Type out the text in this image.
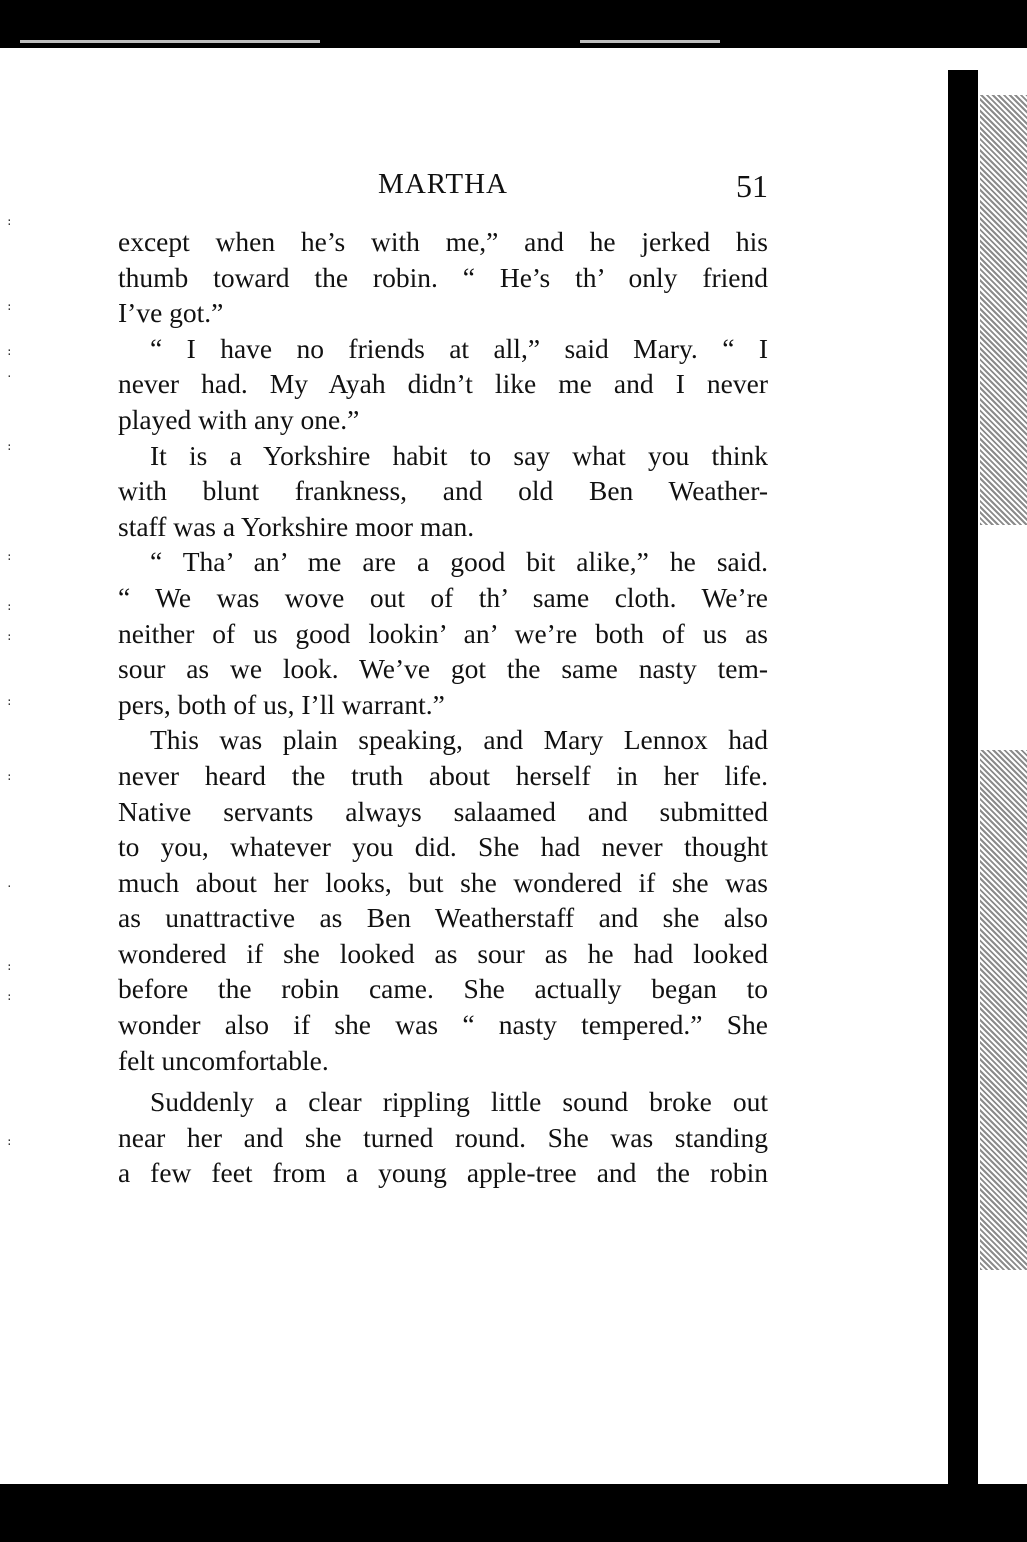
:
:
:
·
:
:
:
:
:
:
·
:
:
:
MARTHA	51
except when he’s with me,” and he jerked his
thumb toward the robin. “ He’s th’ only friend
I’ve got.”
“ I have no friends at all,” said Mary. “ I
never had. My Ayah didn’t like me and I never
played with any one.”
It is a Yorkshire habit to say what you think
with blunt frankness, and old Ben Weather-
staff was a Yorkshire moor man.
“ Tha’ an’ me are a good bit alike,” he said.
“ We was wove out of th’ same cloth. We’re
neither of us good lookin’ an’ we’re both of us as
sour as we look. We’ve got the same nasty tem-
pers, both of us, I’ll warrant.”
This was plain speaking, and Mary Lennox had
never heard the truth about herself in her life.
Native servants always salaamed and submitted
to you, whatever you did. She had never thought
much about her looks, but she wondered if she was
as unattractive as Ben Weatherstaff and she also
wondered if she looked as sour as he had looked
before the robin came. She actually began to
wonder also if she was “ nasty tempered.” She
felt uncomfortable.
Suddenly a clear rippling little sound broke out
near her and she turned round. She was standing
a few feet from a young apple-tree and the robin
